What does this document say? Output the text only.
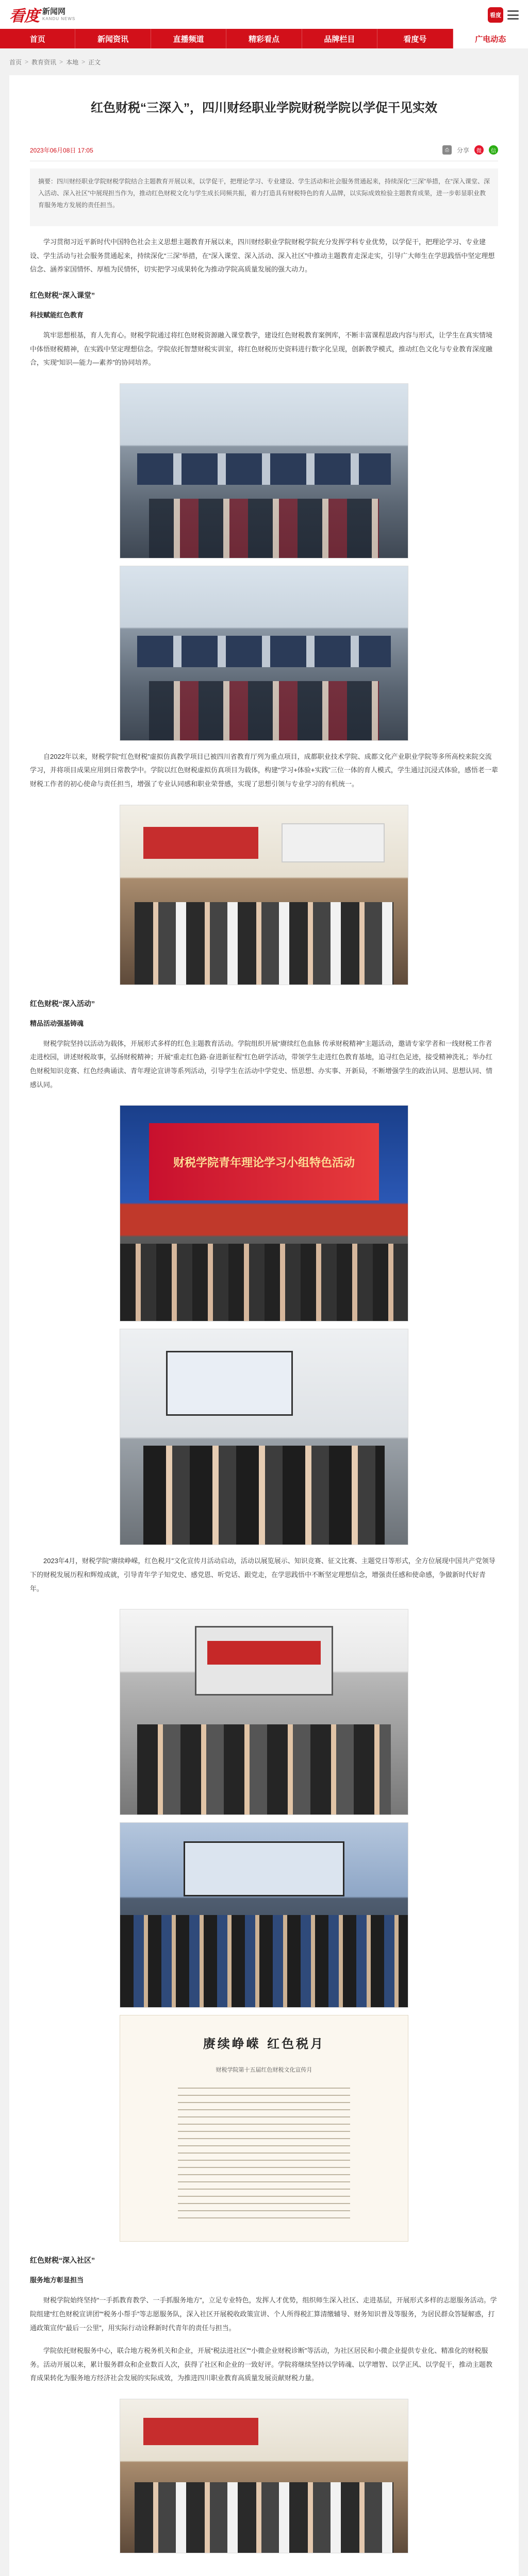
看度 新闻网
KANDU NEWS
看度
首页	新闻资讯	直播频道	精彩看点	品牌栏目	看度号	广电动态
首页 > 教育资讯 > 本地 > 正文
红色财税“三深入”，四川财经职业学院财税学院以学促干见实效
2023年06月08日 17:05	⎙	分享	微	信
摘要：四川财经职业学院财税学院结合主题教育开展以来，以学促干，把理论学习、专业建设、学生活动和社会服务贯通起来，持续深化“三深”举措，在“深入课堂、深入活动、深入社区”中展现担当作为，推动红色财税文化与学生成长同频共振，着力打造具有财税特色的育人品牌，以实际成效检验主题教育成果，进一步彰显职业教育服务地方发展的责任担当。

学习贯彻习近平新时代中国特色社会主义思想主题教育开展以来，四川财经职业学院财税学院充分发挥学科专业优势，以学促干，把理论学习、专业建设、学生活动与社会服务贯通起来，持续深化“三深”举措，在“深入课堂、深入活动、深入社区”中推动主题教育走深走实，引导广大师生在学思践悟中坚定理想信念、涵养家国情怀、厚植为民情怀，切实把学习成果转化为推动学院高质量发展的强大动力。

红色财税“深入课堂”
科技赋能红色教育

筑牢思想根基，育人先育心。财税学院通过将红色财税资源融入课堂教学，建设红色财税教育案例库，不断丰富课程思政内容与形式，让学生在真实情境中体悟财税精神，在实践中坚定理想信念。学院依托智慧财税实训室，将红色财税历史资料进行数字化呈现，创新教学模式，推动红色文化与专业教育深度融合，实现“知识—能力—素养”的协同培养。

自2022年以来，财税学院“红色财税”虚拟仿真教学项目已被四川省教育厅列为重点项目，成都职业技术学院、成都文化产业职业学院等多所高校来院交流学习，并将项目成果应用到日常教学中。学院以红色财税虚拟仿真项目为载体，构建“学习+体验+实践”三位一体的育人模式，学生通过沉浸式体验，感悟老一辈财税工作者的初心使命与责任担当，增强了专业认同感和职业荣誉感，实现了思想引领与专业学习的有机统一。

红色财税“深入活动”
精品活动强基铸魂

财税学院坚持以活动为载体，开展形式多样的红色主题教育活动。学院组织开展“赓续红色血脉 传承财税精神”主题活动，邀请专家学者和一线财税工作者走进校园，讲述财税故事，弘扬财税精神；开展“重走红色路·奋进新征程”红色研学活动，带领学生走进红色教育基地，追寻红色足迹，接受精神洗礼；举办红色财税知识竞赛、红色经典诵读、青年理论宣讲等系列活动，引导学生在活动中学党史、悟思想、办实事、开新局，不断增强学生的政治认同、思想认同、情感认同。

财税学院青年理论学习小组特色活动

2023年4月，财税学院“赓续峥嵘，红色税月”文化宣传月活动启动，活动以展览展示、知识竞赛、征文比赛、主题党日等形式，全方位展现中国共产党领导下的财税发展历程和辉煌成就，引导青年学子知党史、感党恩、听党话、跟党走，在学思践悟中不断坚定理想信念，增强责任感和使命感，争做新时代好青年。

赓续峥嵘 红色税月
财税学院第十五届红色财税文化宣传月
红色财税“深入社区”
服务地方彰显担当

财税学院始终坚持“一手抓教育教学、一手抓服务地方”，立足专业特色，发挥人才优势，组织师生深入社区、走进基层，开展形式多样的志愿服务活动。学院组建“红色财税宣讲团”“税务小帮手”等志愿服务队，深入社区开展税收政策宣讲、个人所得税汇算清缴辅导、财务知识普及等服务，为居民群众答疑解惑，打通政策宣传“最后一公里”，用实际行动诠释新时代青年的责任与担当。

学院依托财税服务中心，联合地方税务机关和企业，开展“税法进社区”“小微企业财税诊断”等活动，为社区居民和小微企业提供专业化、精准化的财税服务。活动开展以来，累计服务群众和企业数百人次，获得了社区和企业的一致好评。学院将继续坚持以学铸魂、以学增智、以学正风、以学促干，推动主题教育成果转化为服务地方经济社会发展的实际成效，为推进四川职业教育高质量发展贡献财税力量。
